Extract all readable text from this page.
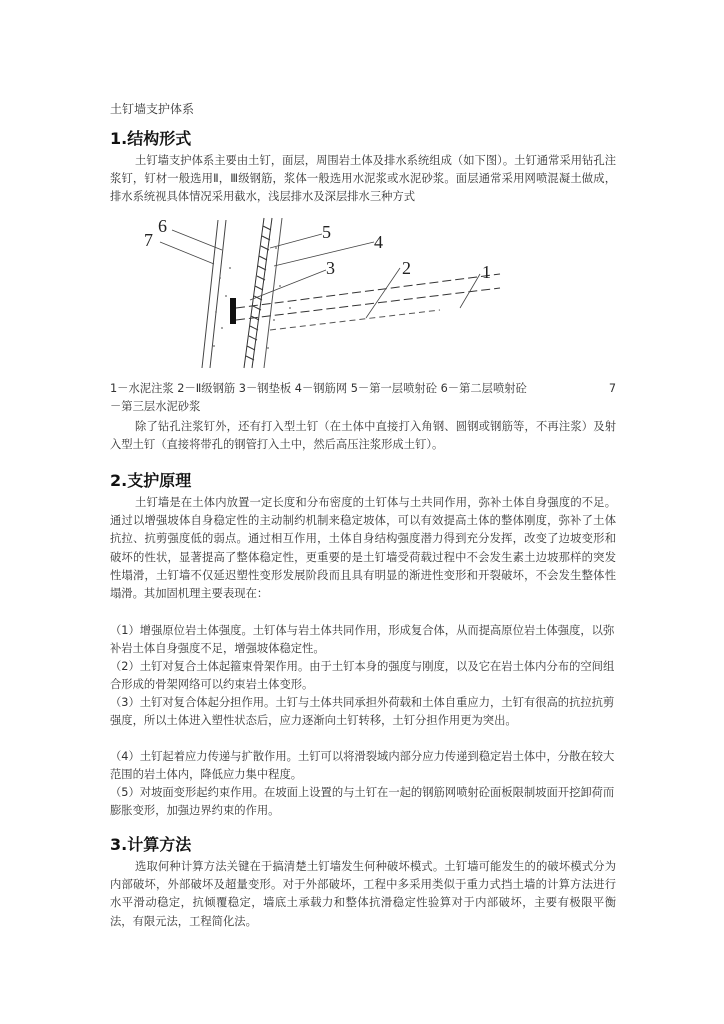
土钉墙支护体系
1.结构形式

土钉墙支护体系主要由土钉，面层，周围岩土体及排水系统组成（如下图）。土钉通常采用钻孔注浆钉，钉材一般选用Ⅱ，Ⅲ级钢筋，浆体一般选用水泥浆或水泥砂浆。面层通常采用网喷混凝土做成，排水系统视具体情况采用截水，浅层排水及深层排水三种方式

6
7	5 4
3	2	1
1－水泥注浆 2－Ⅱ级钢筋 3－钢垫板 4－钢筋网 5－第一层喷射砼 6－第二层喷射砼	7
－第三层水泥砂浆

除了钻孔注浆钉外，还有打入型土钉（在土体中直接打入角钢、圆钢或钢筋等，不再注浆）及射入型土钉（直接将带孔的钢管打入土中，然后高压注浆形成土钉）。

2.支护原理

土钉墙是在土体内放置一定长度和分布密度的土钉体与土共同作用，弥补土体自身强度的不足。通过以增强坡体自身稳定性的主动制约机制来稳定坡体，可以有效提高土体的整体刚度，弥补了土体抗拉、抗剪强度低的弱点。通过相互作用，土体自身结构强度潜力得到充分发挥，改变了边坡变形和破坏的性状，显著提高了整体稳定性，更重要的是土钉墙受荷载过程中不会发生素土边坡那样的突发性塌滑，土钉墙不仅延迟塑性变形发展阶段而且具有明显的渐进性变形和开裂破坏，不会发生整体性塌滑。其加固机理主要表现在：

（1）增强原位岩土体强度。土钉体与岩土体共同作用，形成复合体，从而提高原位岩土体强度，以弥补岩土体自身强度不足，增强坡体稳定性。

（2）土钉对复合土体起箍束骨架作用。由于土钉本身的强度与刚度，以及它在岩土体内分布的空间组合形成的骨架网络可以约束岩土体变形。

（3）土钉对复合体起分担作用。土钉与土体共同承担外荷载和土体自重应力，土钉有很高的抗拉抗剪强度，所以土体进入塑性状态后，应力逐渐向土钉转移，土钉分担作用更为突出。

（4）土钉起着应力传递与扩散作用。土钉可以将滑裂域内部分应力传递到稳定岩土体中，分散在较大范围的岩土体内，降低应力集中程度。

（5）对坡面变形起约束作用。在坡面上设置的与土钉在一起的钢筋网喷射砼面板限制坡面开挖卸荷而膨胀变形，加强边界约束的作用。

3.计算方法

选取何种计算方法关键在于搞清楚土钉墙发生何种破坏模式。土钉墙可能发生的的破坏模式分为内部破坏，外部破坏及超量变形。对于外部破坏，工程中多采用类似于重力式挡土墙的计算方法进行水平滑动稳定，抗倾覆稳定，墙底土承载力和整体抗滑稳定性验算对于内部破坏，主要有极限平衡法，有限元法，工程简化法。
